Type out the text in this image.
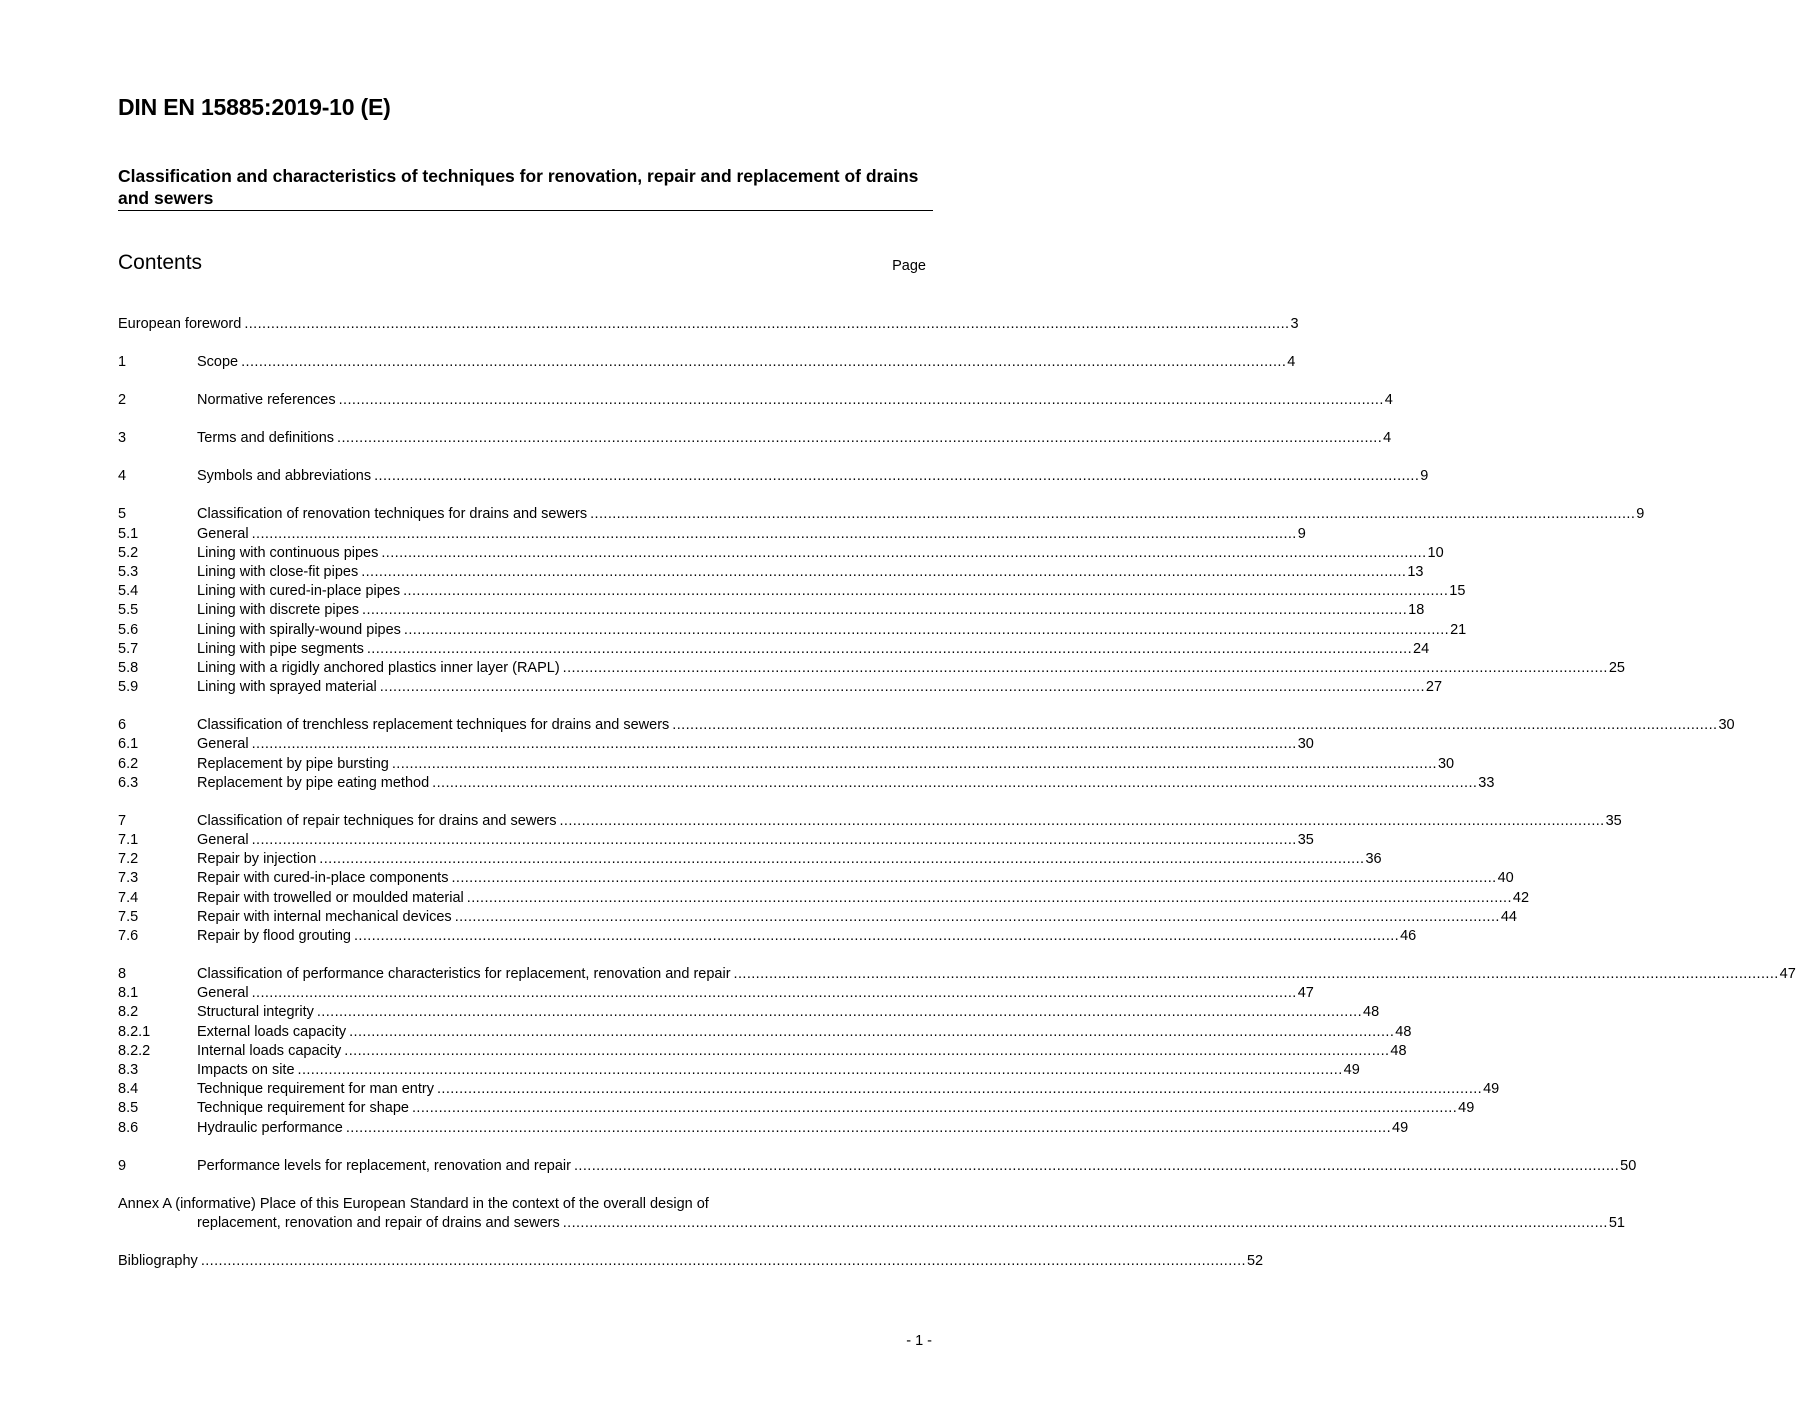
DIN EN 15885:2019-10 (E)
Classification and characteristics of techniques for renovation, repair and replacement of drains and sewers
Contents	Page
European foreword .....	3
1	Scope .....	4
2	Normative references .....	4
3	Terms and definitions .....	4
4	Symbols and abbreviations .....	9
5	Classification of renovation techniques for drains and sewers .....	9
5.1	General .....	9
5.2	Lining with continuous pipes .....	10
5.3	Lining with close-fit pipes .....	13
5.4	Lining with cured-in-place pipes .....	15
5.5	Lining with discrete pipes .....	18
5.6	Lining with spirally-wound pipes .....	21
5.7	Lining with pipe segments .....	24
5.8	Lining with a rigidly anchored plastics inner layer (RAPL) .....	25
5.9	Lining with sprayed material .....	27
6	Classification of trenchless replacement techniques for drains and sewers .....	30
6.1	General .....	30
6.2	Replacement by pipe bursting .....	30
6.3	Replacement by pipe eating method .....	33
7	Classification of repair techniques for drains and sewers .....	35
7.1	General .....	35
7.2	Repair by injection .....	36
7.3	Repair with cured-in-place components .....	40
7.4	Repair with trowelled or moulded material .....	42
7.5	Repair with internal mechanical devices .....	44
7.6	Repair by flood grouting .....	46
8	Classification of performance characteristics for replacement, renovation and repair .....	47
8.1	General .....	47
8.2	Structural integrity .....	48
8.2.1	External loads capacity .....	48
8.2.2	Internal loads capacity .....	48
8.3	Impacts on site .....	49
8.4	Technique requirement for man entry .....	49
8.5	Technique requirement for shape .....	49
8.6	Hydraulic performance .....	49
9	Performance levels for replacement, renovation and repair .....	50
Annex A (informative) Place of this European Standard in the context of the overall design of
replacement, renovation and repair of drains and sewers .....	51
Bibliography .....	52
- 1 -
